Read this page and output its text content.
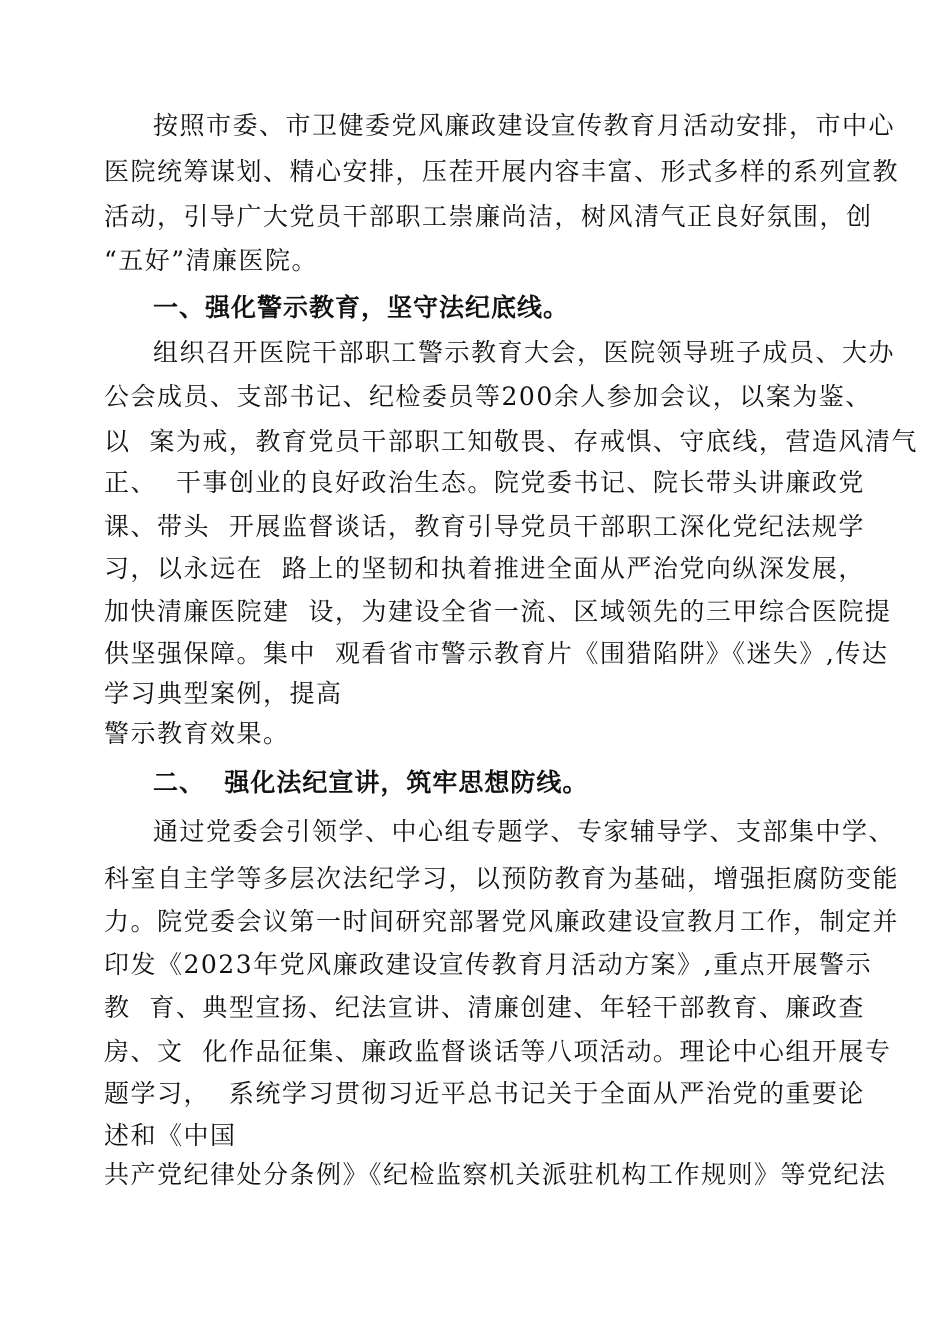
按照市委、市卫健委党风廉政建设宣传教育月活动安排，市中心
医院统筹谋划、精心安排，压茬开展内容丰富、形式多样的系列宣教
活动，引导广大党员干部职工崇廉尚洁，树风清气正良好氛围，创
“五好”清廉医院。
一、强化警示教育，坚守法纪底线。
组织召开医院干部职工警示教育大会，医院领导班子成员、大办
公会成员、支部书记、纪检委员等200余人参加会议，以案为鉴、
以  案为戒，教育党员干部职工知敬畏、存戒惧、守底线，营造风清气
正、  干事创业的良好政治生态。院党委书记、院长带头讲廉政党
课、带头  开展监督谈话，教育引导党员干部职工深化党纪法规学
习，以永远在  路上的坚韧和执着推进全面从严治党向纵深发展，
加快清廉医院建  设，为建设全省一流、区域领先的三甲综合医院提
供坚强保障。集中  观看省市警示教育片《围猎陷阱》《迷失》,传达
学习典型案例，提高
警示教育效果。
二、  强化法纪宣讲，筑牢思想防线。
通过党委会引领学、中心组专题学、专家辅导学、支部集中学、
科室自主学等多层次法纪学习，以预防教育为基础，增强拒腐防变能
力。院党委会议第一时间研究部署党风廉政建设宣教月工作，制定并
印发《2023年党风廉政建设宣传教育月活动方案》,重点开展警示
教  育、典型宣扬、纪法宣讲、清廉创建、年轻干部教育、廉政查
房、文  化作品征集、廉政监督谈话等八项活动。理论中心组开展专
题学习，  系统学习贯彻习近平总书记关于全面从严治党的重要论
述和《中国
共产党纪律处分条例》《纪检监察机关派驻机构工作规则》等党纪法
